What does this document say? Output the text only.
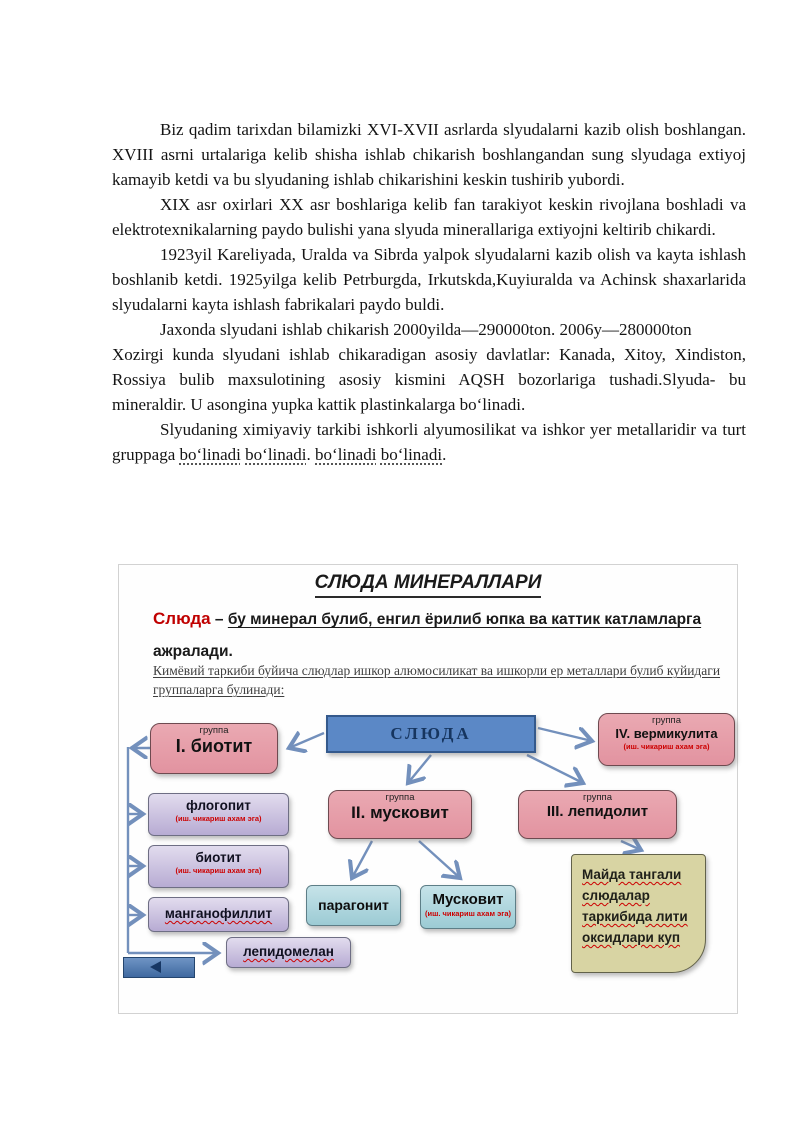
Biz qadim tarixdan bilamizki XVI-XVII asrlarda slyudalarni kazib olish boshlangan. XVIII asrni urtalariga kelib shisha ishlab chikarish boshlangandan sung slyudaga extiyoj kamayib ketdi va bu slyudaning ishlab chikarishini keskin tushirib yubordi.

XIX asr oxirlari XX asr boshlariga kelib fan tarakiyot keskin rivojlana boshladi va elektrotexnikalarning paydo bulishi yana slyuda minerallariga extiyojni keltirib chikardi.

1923yil Kareliyada, Uralda va Sibrda yalpok slyudalarni kazib olish va kayta ishlash boshlanib ketdi. 1925yilga kelib Petrburgda, Irkutskda,Kuyiuralda va Achinsk shaxarlarida slyudalarni kayta ishlash fabrikalari paydo buldi.

Jaxonda slyudani ishlab chikarish 2000yilda—290000ton. 2006y—280000ton

Xozirgi kunda slyudani ishlab chikaradigan asosiy davlatlar: Kanada, Xitoy, Xindiston, Rossiya bulib maxsulotining asosiy kismini AQSH bozorlariga tushadi.Slyuda- bu mineraldir. U asongina yupka kattik plastinkalarga bo‘linadi.

Slyudaning ximiyaviy tarkibi ishkorli alyumosilikat va ishkor yer metallaridir va turt gruppaga bo‘linadi bo‘linadi. bo‘linadi bo‘linadi.

СЛЮДА МИНЕРАЛЛАРИ
Слюда – бу минерал булиб, енгил ёрилиб юпка ва каттик катламларга ажралади.
Кимёвий таркиби буйича слюдлар ишкор алюмосиликат ва ишкорли ер металлари булиб куйидаги группаларга булинади:
СЛЮДА
группа
I. биотит
группа
II. мусковит
группа
III. лепидолит
группа
IV. вермикулита
(иш. чикариш ахам эга)
флогопит
(иш. чикариш ахам эга)
биотит
(иш. чикариш ахам эга)
манганофиллит
лепидомелан
парагонит	Мусковит
(иш. чикариш ахам эга)
Майда тангали слюдалар таркибида лити оксидлари куп
